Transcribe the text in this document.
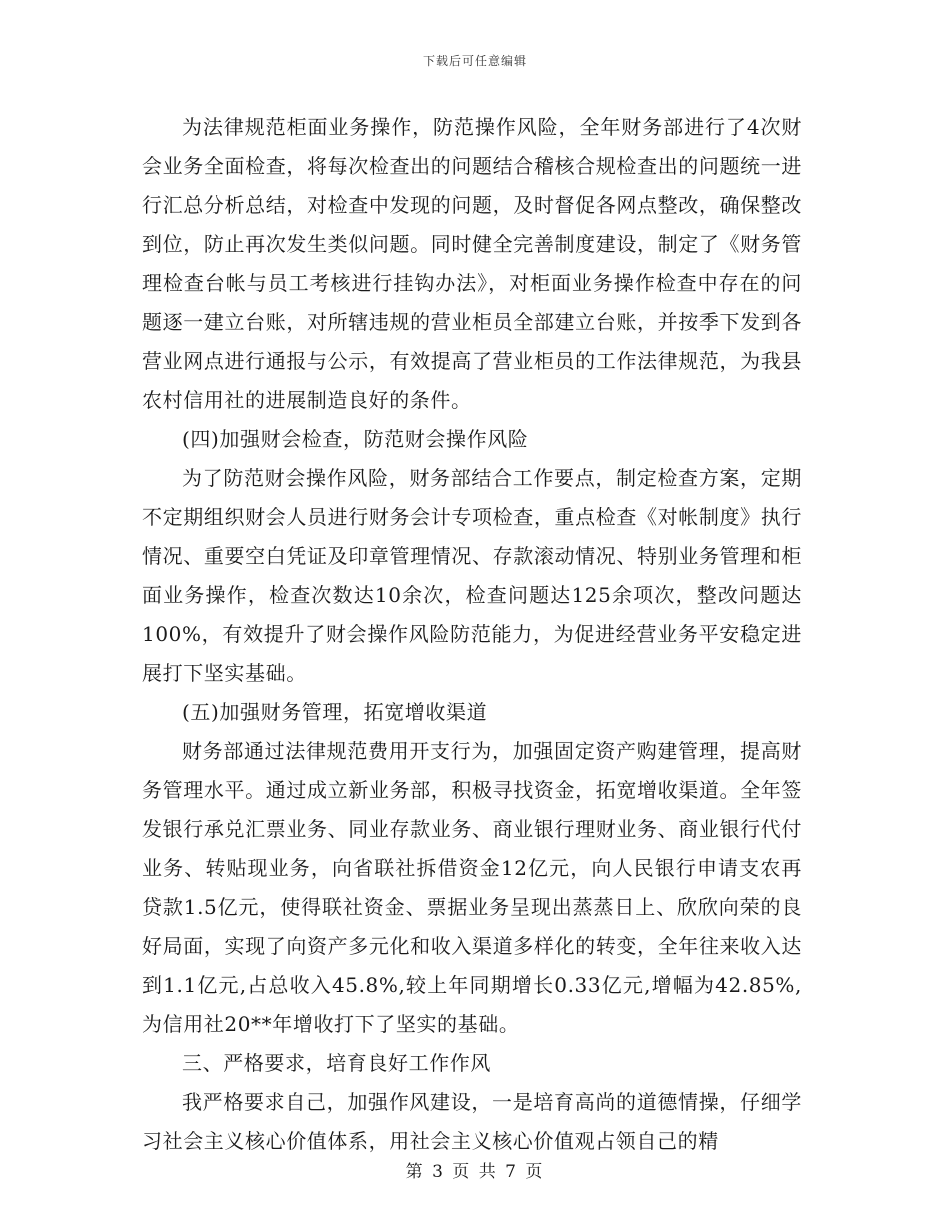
下载后可任意编辑

为法律规范柜面业务操作，防范操作风险，全年财务部进行了4次财会业务全面检查，将每次检查出的问题结合稽核合规检查出的问题统一进行汇总分析总结，对检查中发现的问题，及时督促各网点整改，确保整改到位，防止再次发生类似问题。同时健全完善制度建设，制定了《财务管理检查台帐与员工考核进行挂钩办法》，对柜面业务操作检查中存在的问题逐一建立台账，对所辖违规的营业柜员全部建立台账，并按季下发到各营业网点进行通报与公示，有效提高了营业柜员的工作法律规范，为我县农村信用社的进展制造良好的条件。

(四)加强财会检查，防范财会操作风险

为了防范财会操作风险，财务部结合工作要点，制定检查方案，定期不定期组织财会人员进行财务会计专项检查，重点检查《对帐制度》执行情况、重要空白凭证及印章管理情况、存款滚动情况、特别业务管理和柜面业务操作，检查次数达10余次，检查问题达125余项次，整改问题达100%，有效提升了财会操作风险防范能力，为促进经营业务平安稳定进展打下坚实基础。

(五)加强财务管理，拓宽增收渠道

财务部通过法律规范费用开支行为，加强固定资产购建管理，提高财务管理水平。通过成立新业务部，积极寻找资金，拓宽增收渠道。全年签发银行承兑汇票业务、同业存款业务、商业银行理财业务、商业银行代付业务、转贴现业务，向省联社拆借资金12亿元，向人民银行申请支农再贷款1.5亿元，使得联社资金、票据业务呈现出蒸蒸日上、欣欣向荣的良好局面，实现了向资产多元化和收入渠道多样化的转变，全年往来收入达到1.1亿元,占总收入45.8%,较上年同期增长0.33亿元,增幅为42.85%,为信用社20**年增收打下了坚实的基础。

三、严格要求，培育良好工作作风

我严格要求自己，加强作风建设，一是培育高尚的道德情操，仔细学习社会主义核心价值体系，用社会主义核心价值观占领自己的精

第 3 页 共 7 页
